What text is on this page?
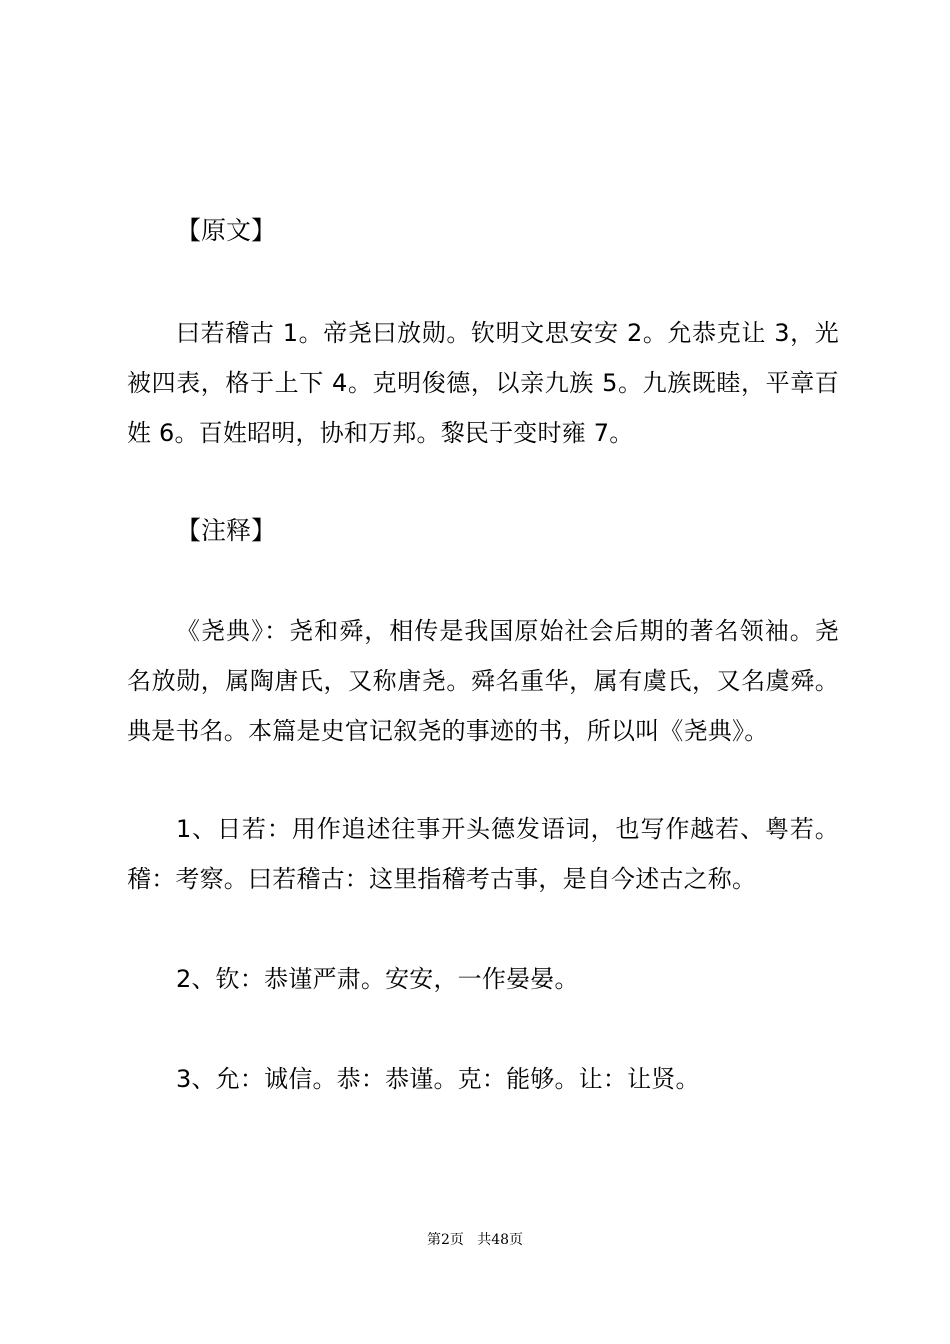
【原文】
曰若稽古 1。帝尧曰放勋。钦明文思安安 2。允恭克让 3，光被四表，格于上下 4。克明俊德，以亲九族 5。九族既睦，平章百姓 6。百姓昭明，协和万邦。黎民于变时雍 7。
【注释】
《尧典》：尧和舜，相传是我国原始社会后期的著名领袖。尧名放勋，属陶唐氏，又称唐尧。舜名重华，属有虞氏，又名虞舜。典是书名。本篇是史官记叙尧的事迹的书，所以叫《尧典》。
1、日若：用作追述往事开头德发语词，也写作越若、粤若。稽：考察。曰若稽古：这里指稽考古事，是自今述古之称。
2、钦：恭谨严肃。安安，一作晏晏。
3、允：诚信。恭：恭谨。克：能够。让：让贤。
第2页   共48页
